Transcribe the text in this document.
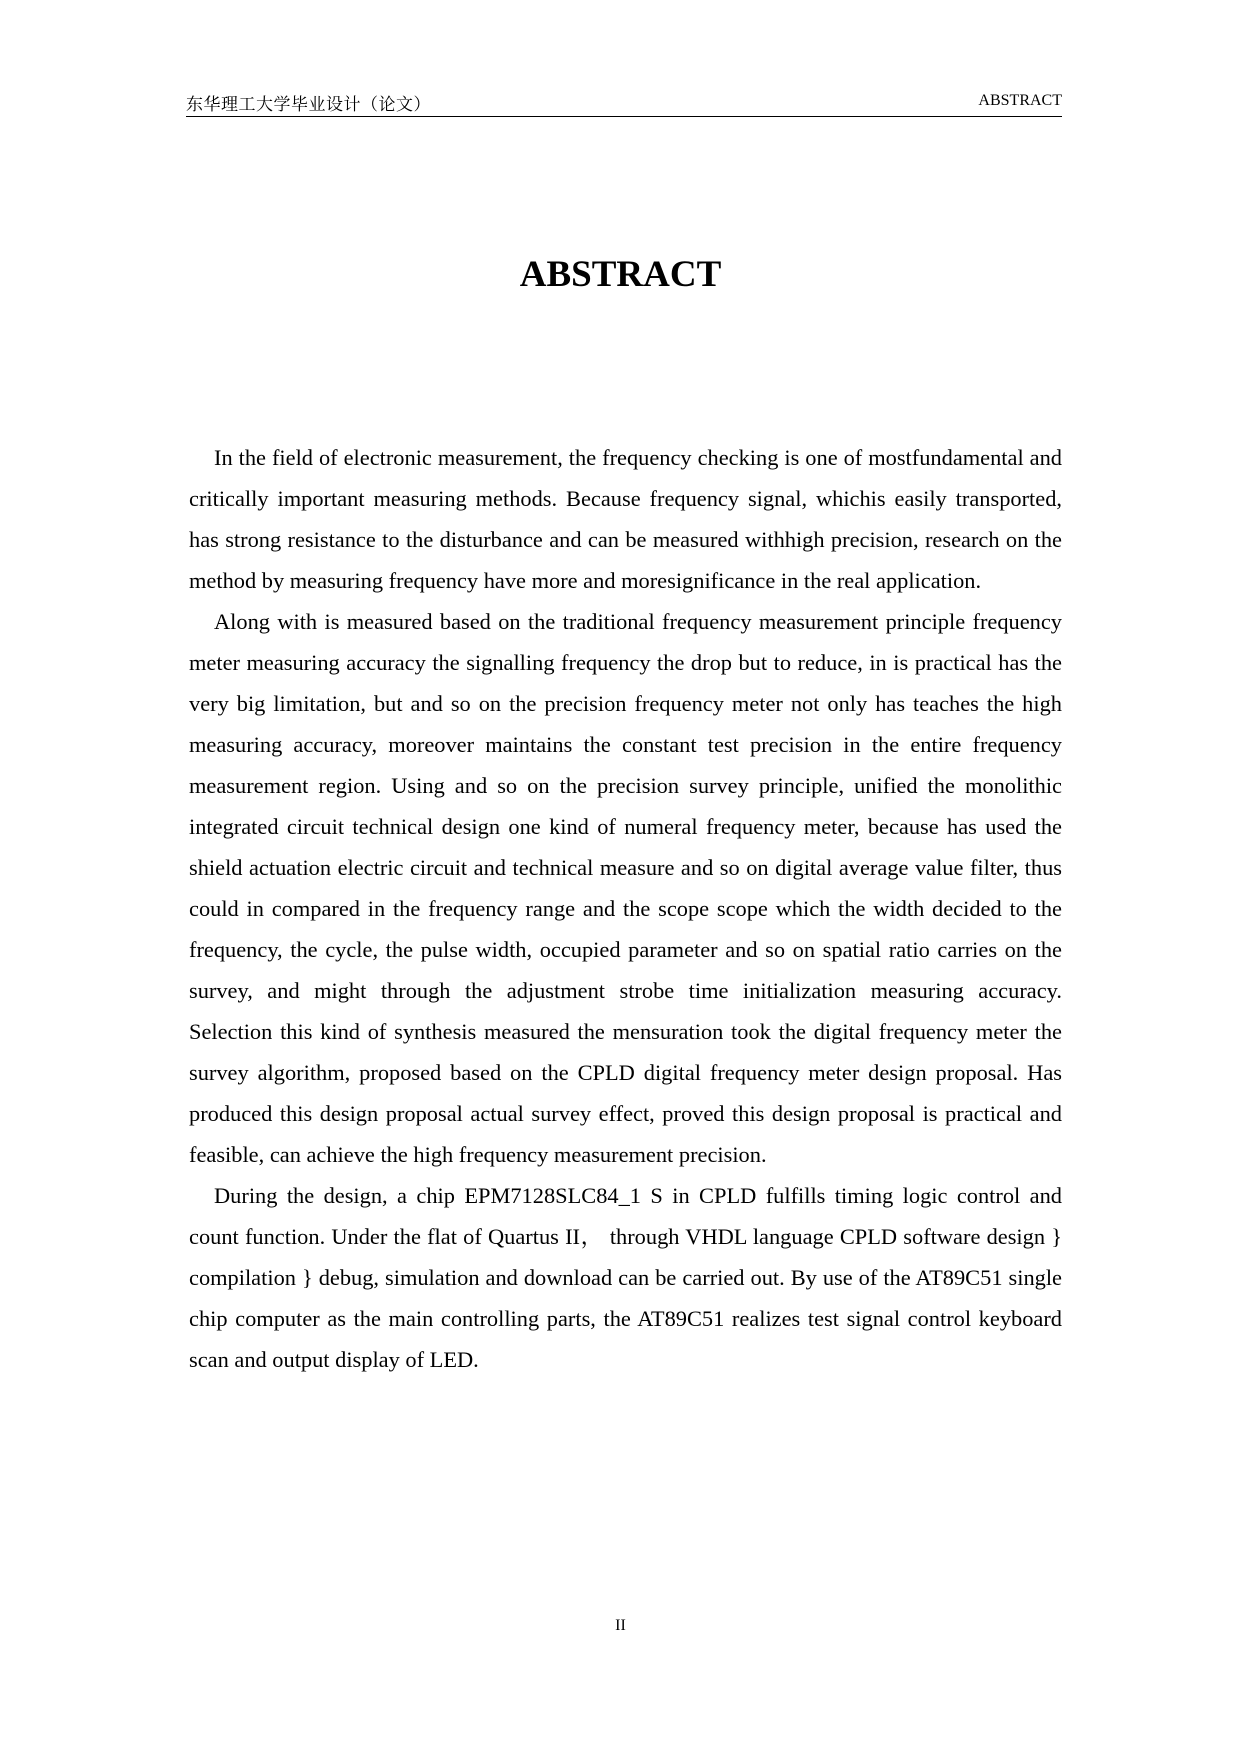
东华理工大学毕业设计（论文）	ABSTRACT
ABSTRACT

In the field of electronic measurement, the frequency checking is one of mostfundamental and critically important measuring methods. Because frequency signal, whichis easily transported, has strong resistance to the disturbance and can be measured withhigh precision, research on the method by measuring frequency have more and moresignificance in the real application.

Along with is measured based on the traditional frequency measurement principle frequency meter measuring accuracy the signalling frequency the drop but to reduce, in is practical has the very big limitation, but and so on the precision frequency meter not only has teaches the high measuring accuracy, moreover maintains the constant test precision in the entire frequency measurement region. Using and so on the precision survey principle, unified the monolithic integrated circuit technical design one kind of numeral frequency meter, because has used the shield actuation electric circuit and technical measure and so on digital average value filter, thus could in compared in the frequency range and the scope scope which the width decided to the frequency, the cycle, the pulse width, occupied parameter and so on spatial ratio carries on the survey, and might through the adjustment strobe time initialization measuring accuracy. Selection this kind of synthesis measured the mensuration took the digital frequency meter the survey algorithm, proposed based on the CPLD digital frequency meter design proposal. Has produced this design proposal actual survey effect, proved this design proposal is practical and feasible, can achieve the high frequency measurement precision.

During the design, a chip EPM7128SLC84_1 S in CPLD fulfills timing logic control and count function. Under the flat of Quartus II， through VHDL language CPLD software design } compilation } debug, simulation and download can be carried out. By use of the AT89C51 single chip computer as the main controlling parts, the AT89C51 realizes test signal control keyboard scan and output display of LED.

II
